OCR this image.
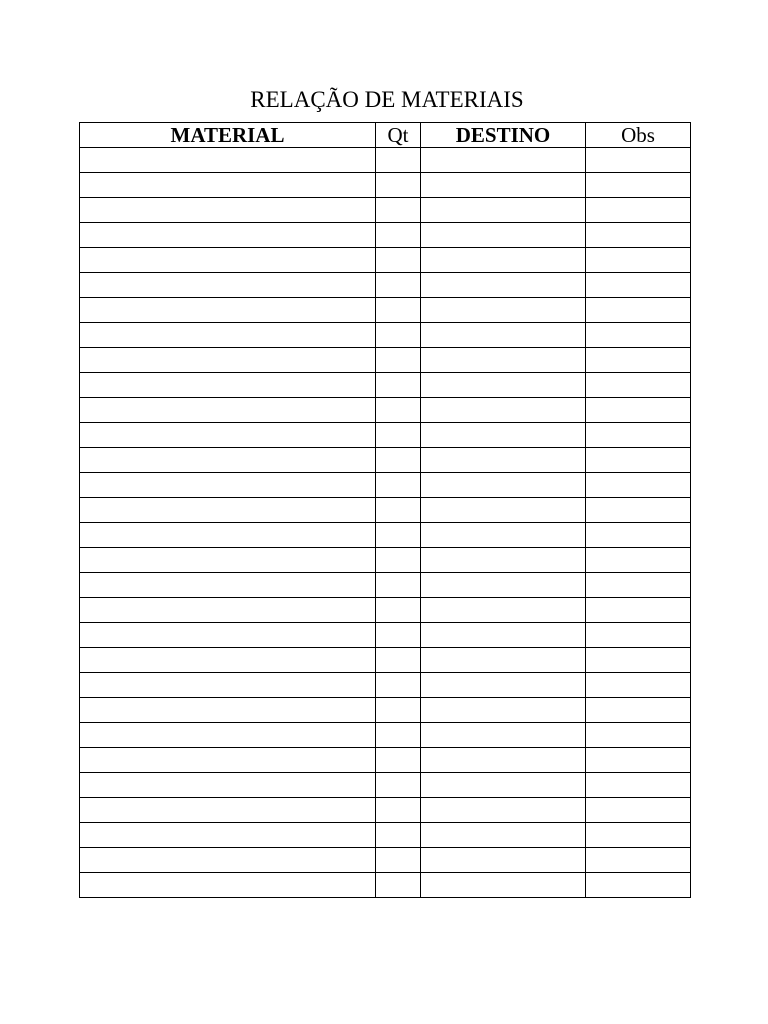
RELAÇÃO DE MATERIAIS
MATERIAL	Qt	DESTINO	Obs
